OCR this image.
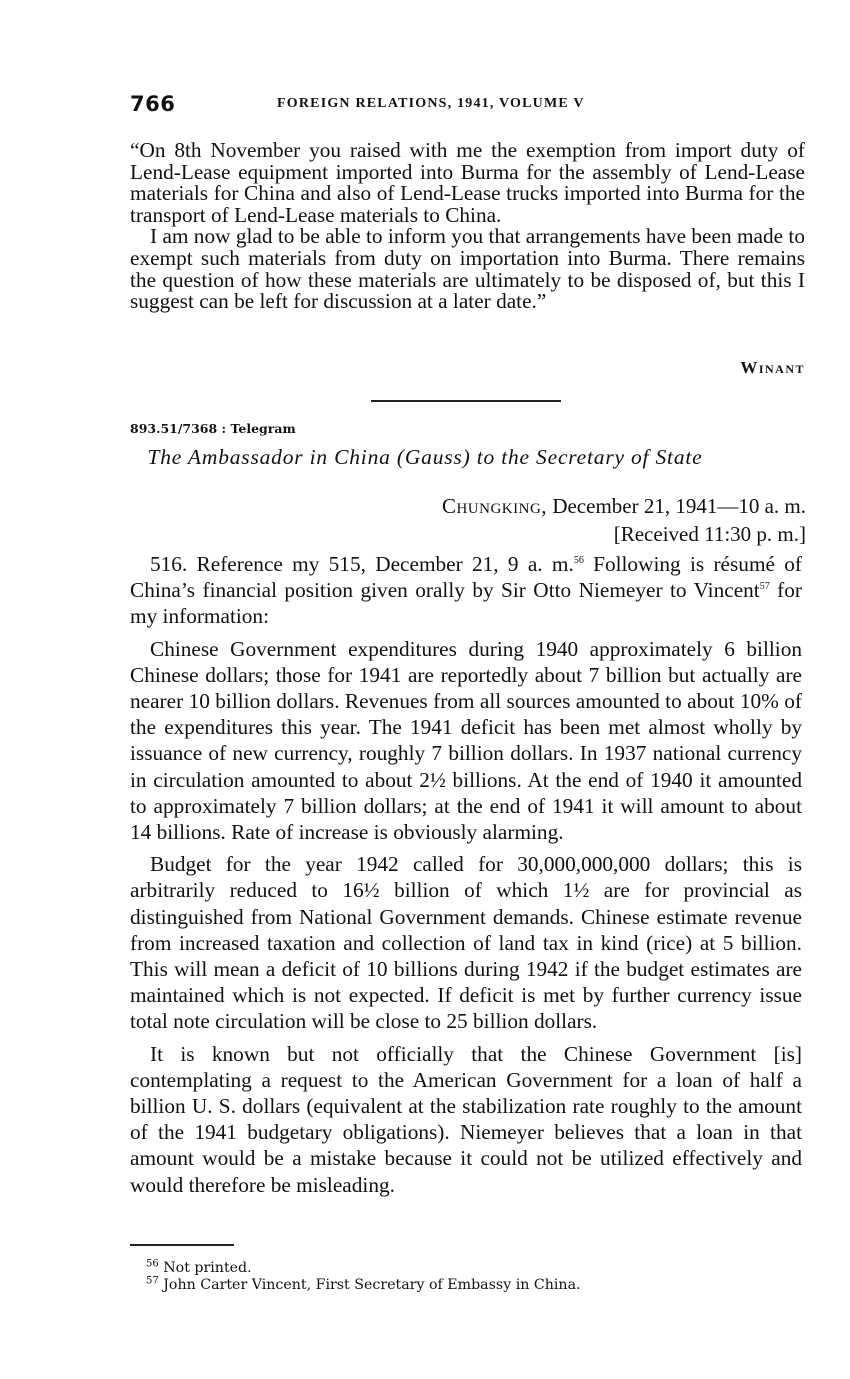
766	FOREIGN RELATIONS, 1941, VOLUME V

“On 8th November you raised with me the exemption from import duty of Lend-Lease equipment imported into Burma for the assembly of Lend-Lease materials for China and also of Lend-Lease trucks imported into Burma for the transport of Lend-Lease materials to China.

I am now glad to be able to inform you that arrangements have been made to exempt such materials from duty on importation into Burma. There remains the question of how these materials are ultimately to be disposed of, but this I suggest can be left for discussion at a later date.”

Winant
893.51/7368 : Telegram
The Ambassador in China (Gauss) to the Secretary of State
Chungking, December 21, 1941—10 a. m.
[Received 11:30 p. m.]

516. Reference my 515, December 21, 9 a. m.$^{56}$ Following is résumé of China’s financial position given orally by Sir Otto Niemeyer to Vincent$^{57}$ for my information:

Chinese Government expenditures during 1940 approximately 6 billion Chinese dollars; those for 1941 are reportedly about 7 billion but actually are nearer 10 billion dollars. Revenues from all sources amounted to about 10% of the expenditures this year. The 1941 deficit has been met almost wholly by issuance of new currency, roughly 7 billion dollars. In 1937 national currency in circulation amounted to about 2½ billions. At the end of 1940 it amounted to approximately 7 billion dollars; at the end of 1941 it will amount to about 14 billions. Rate of increase is obviously alarming.

Budget for the year 1942 called for 30,000,000,000 dollars; this is arbitrarily reduced to 16½ billion of which 1½ are for provincial as distinguished from National Government demands. Chinese estimate revenue from increased taxation and collection of land tax in kind (rice) at 5 billion. This will mean a deficit of 10 billions during 1942 if the budget estimates are maintained which is not expected. If deficit is met by further currency issue total note circulation will be close to 25 billion dollars.

It is known but not officially that the Chinese Government [is] contemplating a request to the American Government for a loan of half a billion U. S. dollars (equivalent at the stabilization rate roughly to the amount of the 1941 budgetary obligations). Niemeyer believes that a loan in that amount would be a mistake because it could not be utilized effectively and would therefore be misleading.

$^{56}$ Not printed.
$^{57}$ John Carter Vincent, First Secretary of Embassy in China.
